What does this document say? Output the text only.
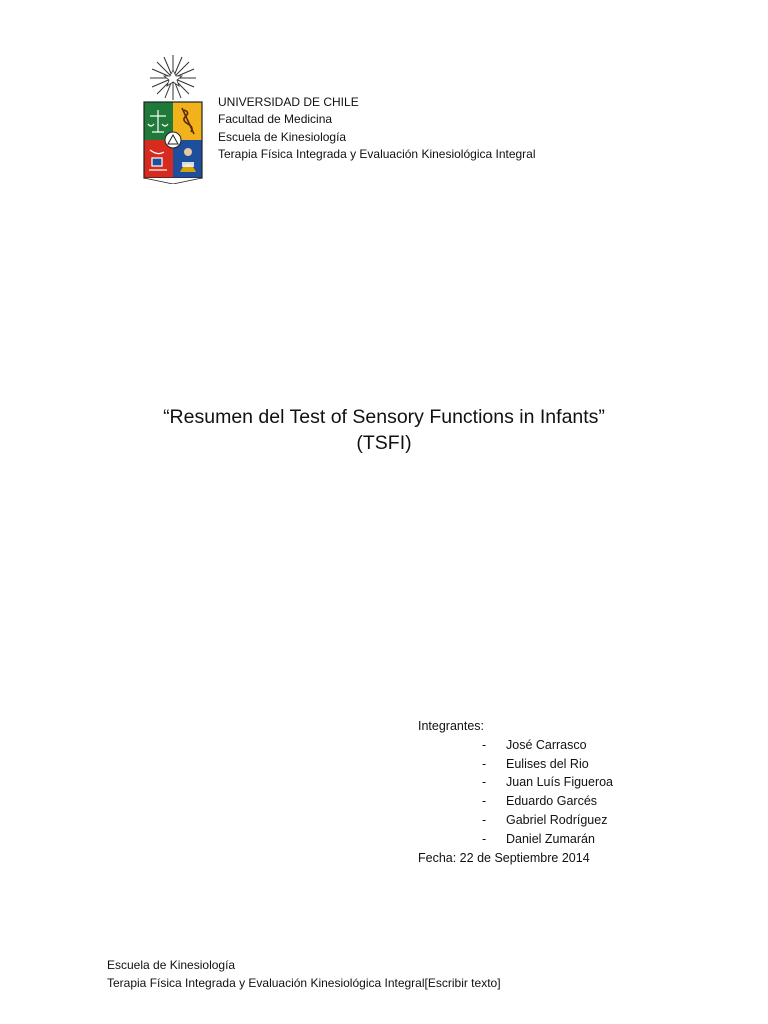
UNIVERSIDAD DE CHILE
Facultad de Medicina
Escuela de Kinesiología
Terapia Física Integrada y Evaluación Kinesiológica Integral
“Resumen del Test of Sensory Functions in Infants”
(TSFI)
Integrantes:
- José Carrasco
- Eulises del Rio
- Juan Luís Figueroa
- Eduardo Garcés
- Gabriel Rodríguez
- Daniel Zumarán
Fecha: 22 de Septiembre 2014
Escuela de Kinesiología
Terapia Física Integrada y Evaluación Kinesiológica Integral[Escribir texto]
